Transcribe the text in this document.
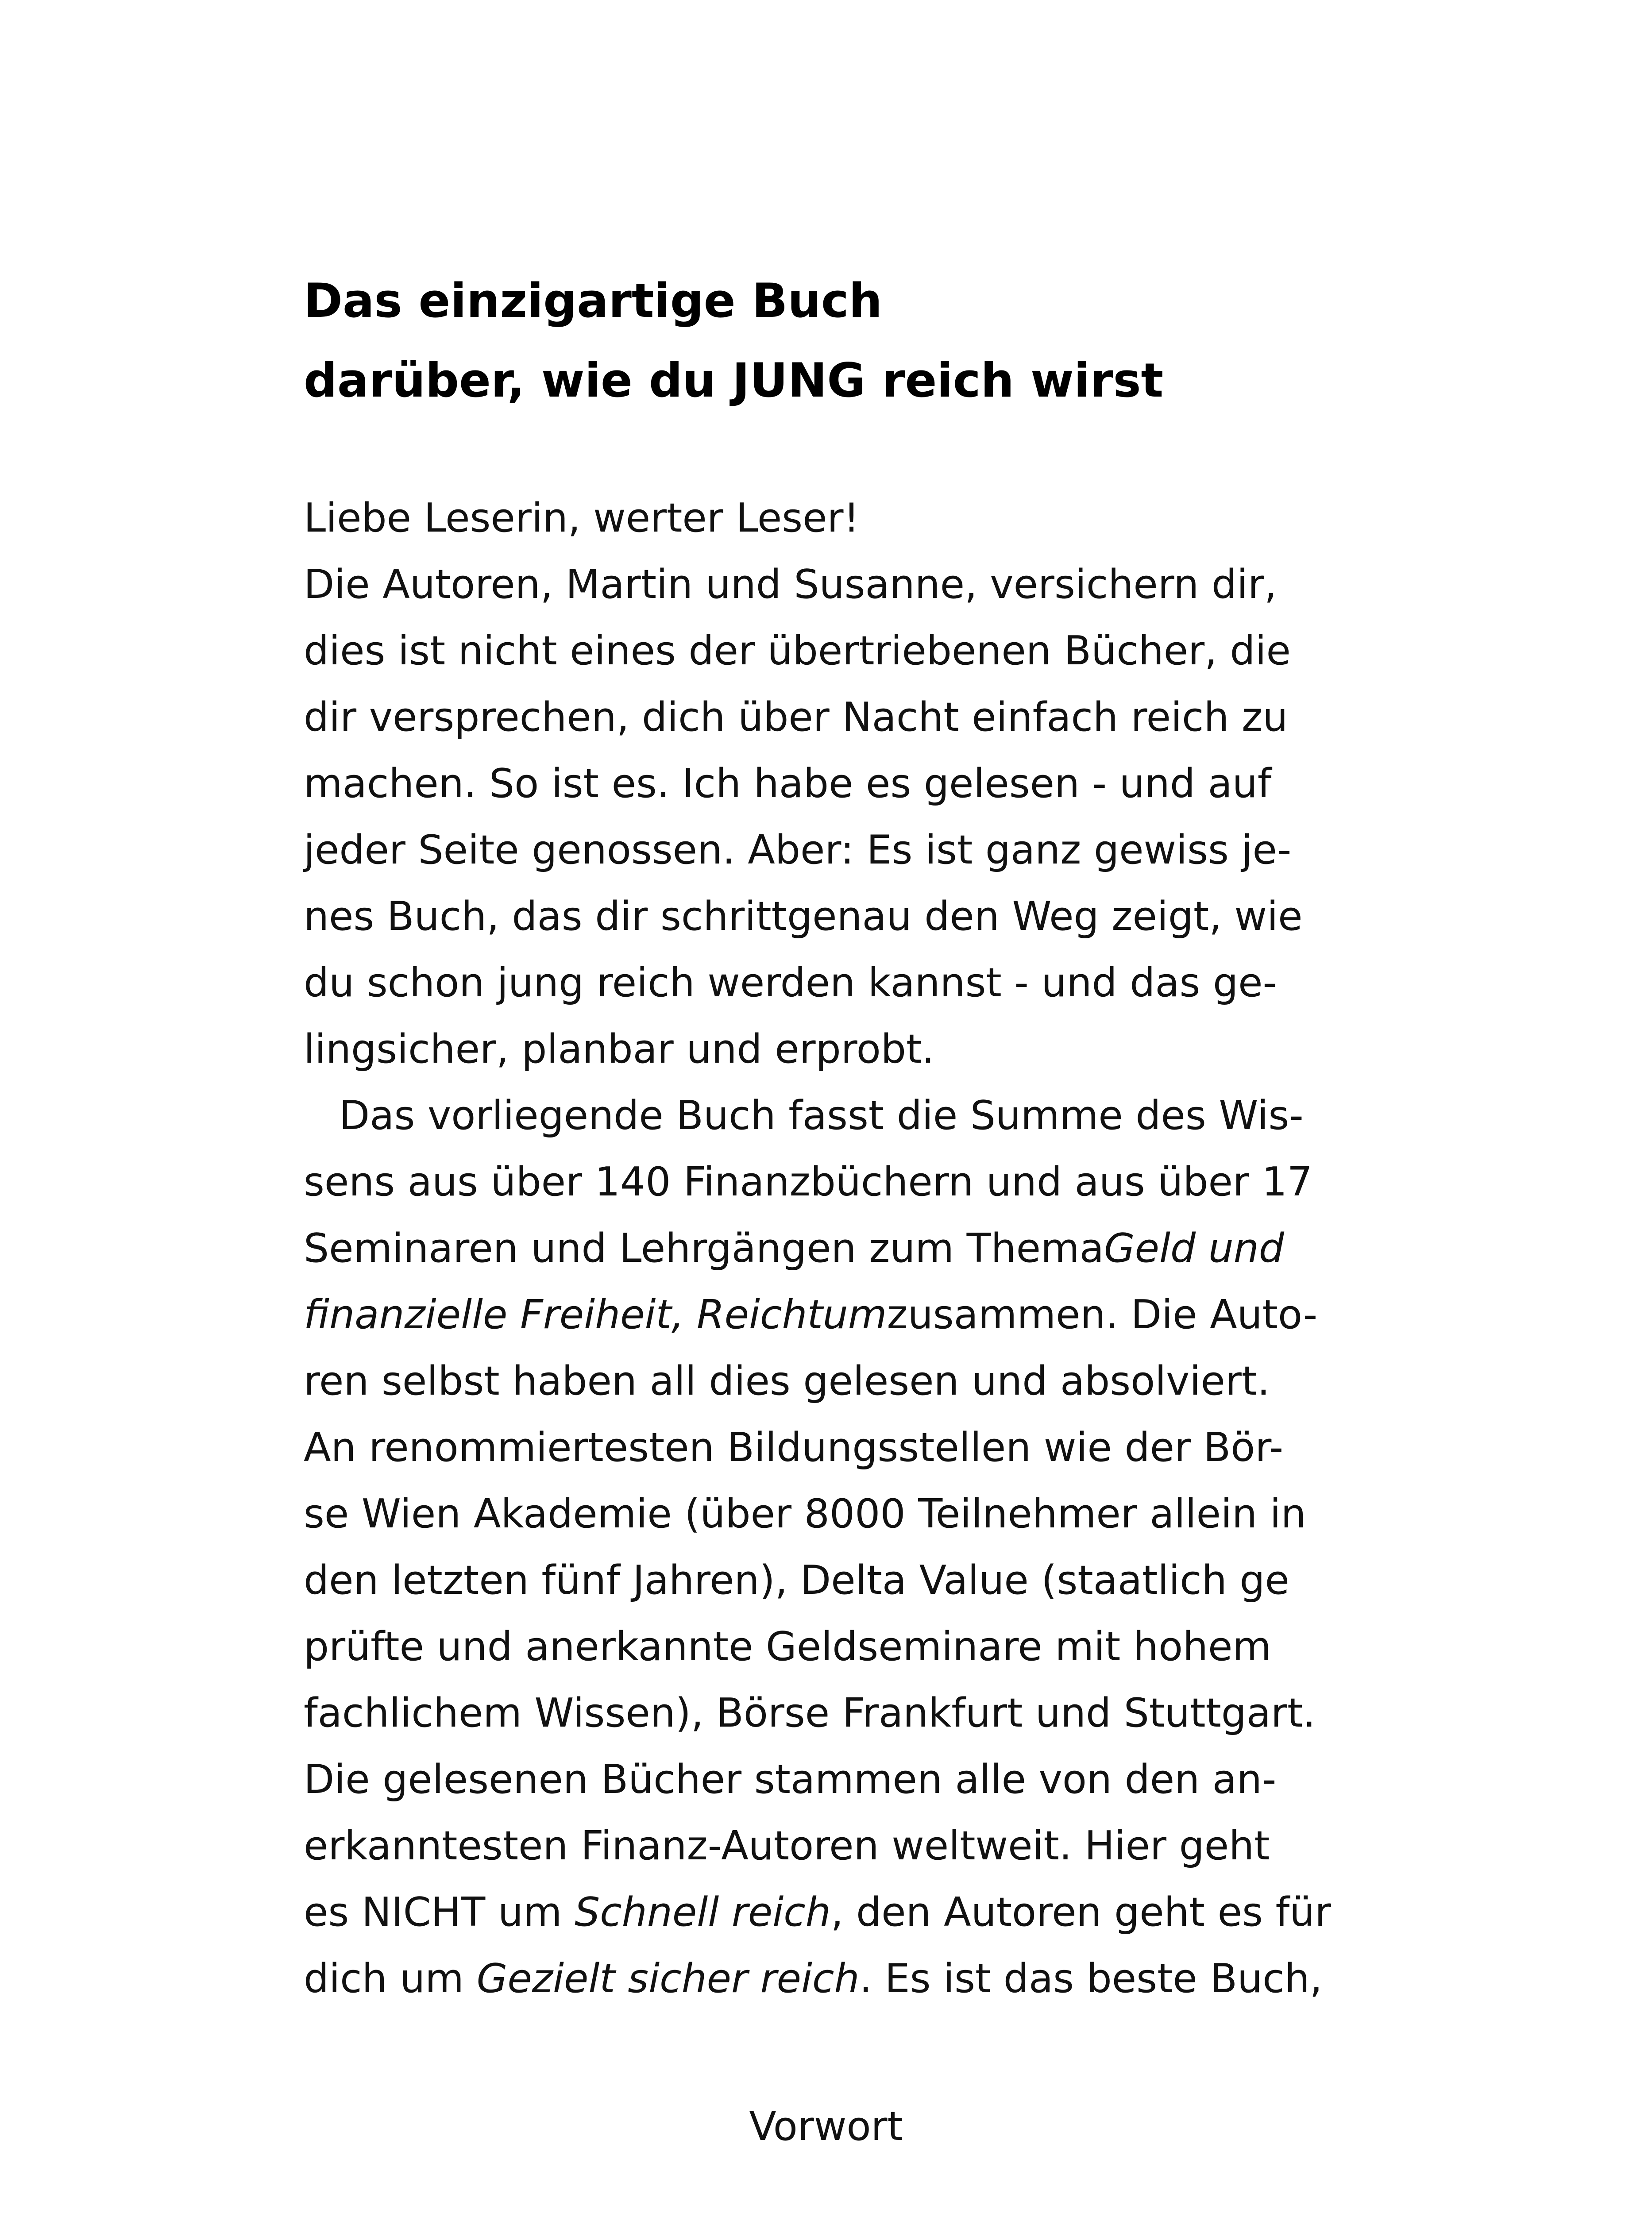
Das einzigartige Buch
darüber, wie du JUNG reich wirst
Liebe Leserin, werter Leser!
Die Autoren, Martin und Susanne, versichern dir,
dies ist nicht eines der übertriebenen Bücher, die
dir versprechen, dich über Nacht einfach reich zu
machen. So ist es. Ich habe es gelesen - und auf
jeder Seite genossen. Aber: Es ist ganz gewiss je-
nes Buch, das dir schrittgenau den Weg zeigt, wie
du schon jung reich werden kannst - und das ge-
lingsicher, planbar und erprobt.
Das vorliegende Buch fasst die Summe des Wis-
sens aus über 140 Finanzbüchern und aus über 17
Seminaren und Lehrgängen zum ThemaGeld und
finanzielle Freiheit, Reichtumzusammen. Die Auto-
ren selbst haben all dies gelesen und absolviert.
An renommiertesten Bildungsstellen wie der Bör-
se Wien Akademie (über 8000 Teilnehmer allein in
den letzten fünf Jahren), Delta Value (staatlich ge
prüfte und anerkannte Geldseminare mit hohem
fachlichem Wissen), Börse Frankfurt und Stuttgart.
Die gelesenen Bücher stammen alle von den an-
erkanntesten Finanz-Autoren weltweit. Hier geht
es NICHT um Schnell reich, den Autoren geht es für
dich um Gezielt sicher reich. Es ist das beste Buch,
Vorwort
